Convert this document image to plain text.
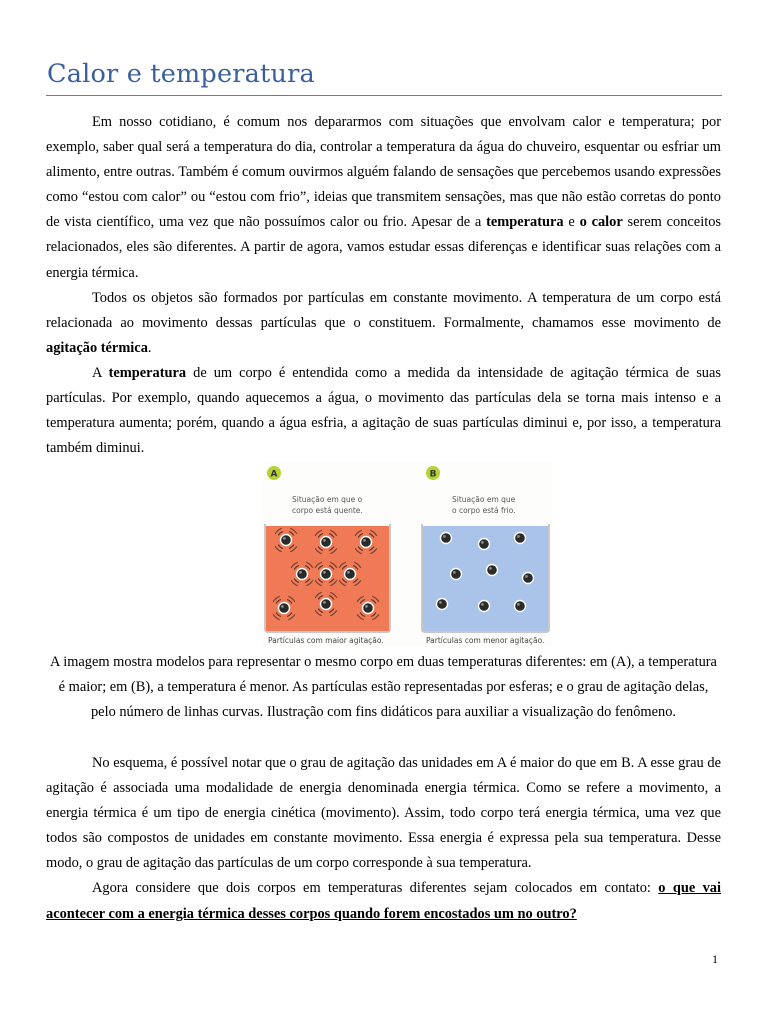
Calor e temperatura

Em nosso cotidiano, é comum nos depararmos com situações que envolvam calor e temperatura; por exemplo, saber qual será a temperatura do dia, controlar a temperatura da água do chuveiro, esquentar ou esfriar um alimento, entre outras. Também é comum ouvirmos alguém falando de sensações que percebemos usando expressões como “estou com calor” ou “estou com frio”, ideias que transmitem sensações, mas que não estão corretas do ponto de vista científico, uma vez que não possuímos calor ou frio. Apesar de a temperatura e o calor serem conceitos relacionados, eles são diferentes. A partir de agora, vamos estudar essas diferenças e identificar suas relações com a energia térmica.

Todos os objetos são formados por partículas em constante movimento. A temperatura de um corpo está relacionada ao movimento dessas partículas que o constituem. Formalmente, chamamos esse movimento de agitação térmica.

A temperatura de um corpo é entendida como a medida da intensidade de agitação térmica de suas partículas. Por exemplo, quando aquecemos a água, o movimento das partículas dela se torna mais intenso e a temperatura aumenta; porém, quando a água esfria, a agitação de suas partículas diminui e, por isso, a temperatura também diminui.

A
Situação em que o
corpo está quente.
Partículas com maior agitação.
B
Situação em que
o corpo está frio.
Partículas com menor agitação.

A imagem mostra modelos para representar o mesmo corpo em duas temperaturas diferentes: em (A), a temperatura é maior; em (B), a temperatura é menor. As partículas estão representadas por esferas; e o grau de agitação delas, pelo número de linhas curvas. Ilustração com fins didáticos para auxiliar a visualização do fenômeno.

No esquema, é possível notar que o grau de agitação das unidades em A é maior do que em B. A esse grau de agitação é associada uma modalidade de energia denominada energia térmica. Como se refere a movimento, a energia térmica é um tipo de energia cinética (movimento). Assim, todo corpo terá energia térmica, uma vez que todos são compostos de unidades em constante movimento. Essa energia é expressa pela sua temperatura. Desse modo, o grau de agitação das partículas de um corpo corresponde à sua temperatura.

Agora considere que dois corpos em temperaturas diferentes sejam colocados em contato: o que vai acontecer com a energia térmica desses corpos quando forem encostados um no outro?

1
